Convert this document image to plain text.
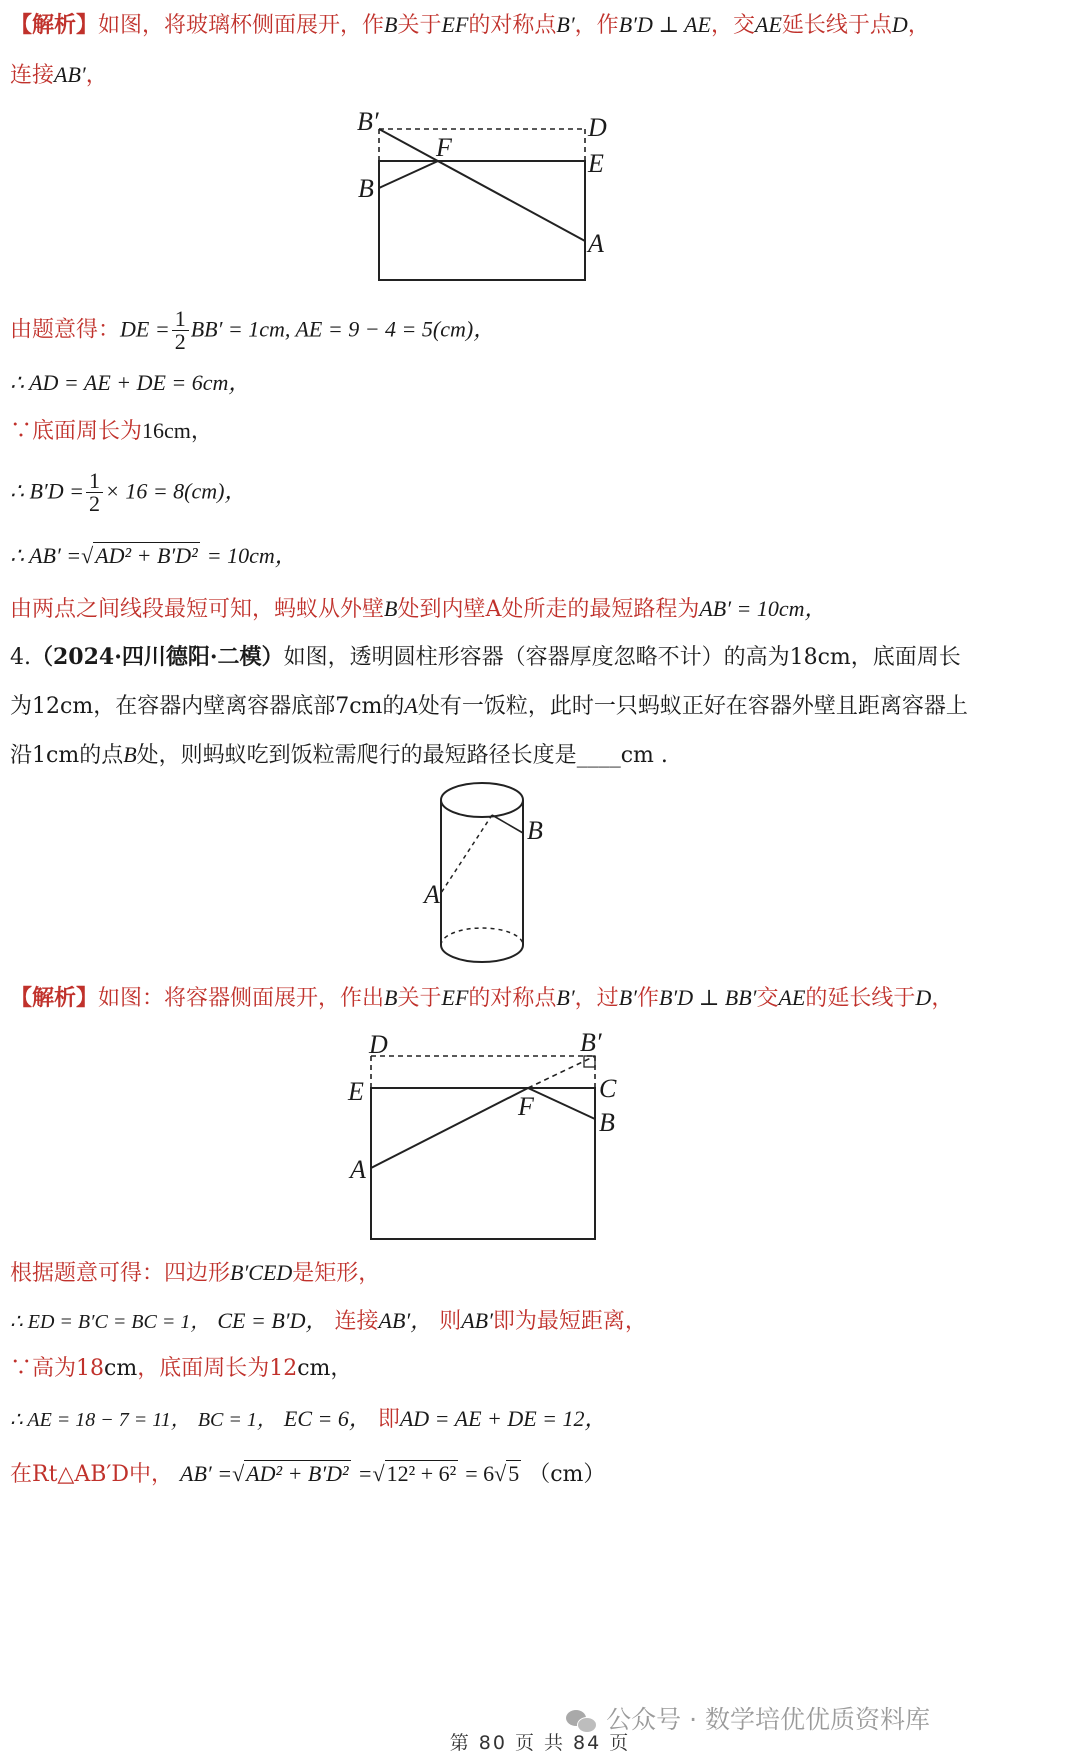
【解析】如图，将玻璃杯侧面展开，作B关于EF的对称点B′，作B′D ⊥ AE，交AE延长线于点D，
连接AB′，
B′	D
F
E
B
A
由题意得：DE = $\frac{1}{2} BB' = 1cm$, AE = 9 − 4 = 5(cm)，
∴ AD = AE + DE = 6cm，
∵底面周长为16cm，
∴ $B'D = \frac{1}{2} \times 16 = 8(cm)$，
∴ AB′ =√AD² + B′D² = 10cm，
由两点之间线段最短可知，蚂蚁从外壁B处到内壁A处所走的最短路程为AB′ = 10cm，
4.（2024·四川德阳·二模）如图，透明圆柱形容器（容器厚度忽略不计）的高为18cm，底面周长
为12cm，在容器内壁离容器底部7cm的A处有一饭粒，此时一只蚂蚁正好在容器外壁且距离容器上
沿1cm的点B处，则蚂蚁吃到饭粒需爬行的最短路径长度是____cm .
B
A
【解析】如图：将容器侧面展开，作出B关于EF的对称点B′，过B′作B′D ⊥ BB′交AE的延长线于D，
D	B′
E	C
F
B
A
根据题意可得：四边形B′CED是矩形，
∴ ED = B′C = BC = 1， CE = B′D， 连接AB′， 则AB′即为最短距离，
∵高为18cm，底面周长为12cm，
∴ AE = 18 − 7 = 11， BC = 1， EC = 6， 即AD = AE + DE = 12，
在Rt△AB′D中， AB′ =√AD² + B′D² =√12² + 6² = 6√5 （cm）
公众号 · 数学培优优质资料库
第 80 页 共 84 页
